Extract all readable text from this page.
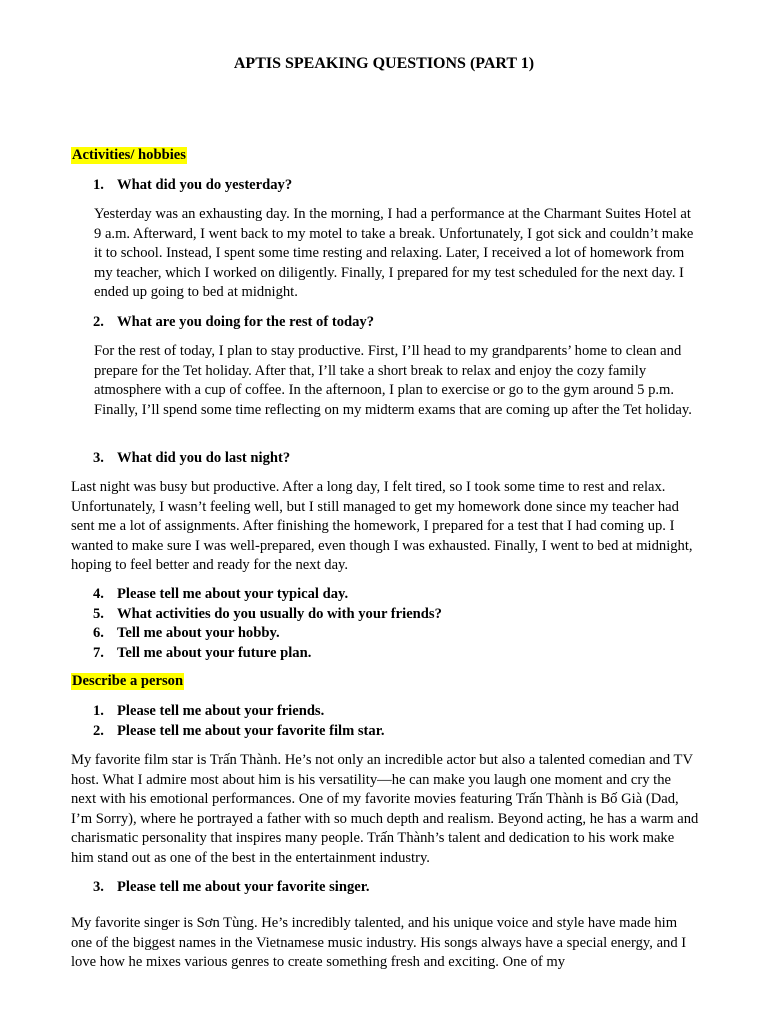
APTIS SPEAKING QUESTIONS (PART 1)
Activities/ hobbies
1. What did you do yesterday?

Yesterday was an exhausting day. In the morning, I had a performance at the Charmant Suites Hotel at 9 a.m. Afterward, I went back to my motel to take a break. Unfortunately, I got sick and couldn’t make it to school. Instead, I spent some time resting and relaxing. Later, I received a lot of homework from my teacher, which I worked on diligently. Finally, I prepared for my test scheduled for the next day. I ended up going to bed at midnight.

2. What are you doing for the rest of today?

For the rest of today, I plan to stay productive. First, I’ll head to my grandparents’ home to clean and prepare for the Tet holiday. After that, I’ll take a short break to relax and enjoy the cozy family atmosphere with a cup of coffee. In the afternoon, I plan to exercise or go to the gym around 5 p.m. Finally, I’ll spend some time reflecting on my midterm exams that are coming up after the Tet holiday.

3. What did you do last night?

Last night was busy but productive. After a long day, I felt tired, so I took some time to rest and relax. Unfortunately, I wasn’t feeling well, but I still managed to get my homework done since my teacher had sent me a lot of assignments. After finishing the homework, I prepared for a test that I had coming up. I wanted to make sure I was well-prepared, even though I was exhausted. Finally, I went to bed at midnight, hoping to feel better and ready for the next day.

4. Please tell me about your typical day.
5. What activities do you usually do with your friends?
6. Tell me about your hobby.
7. Tell me about your future plan.
Describe a person
1. Please tell me about your friends.
2. Please tell me about your favorite film star.

My favorite film star is Trấn Thành. He’s not only an incredible actor but also a talented comedian and TV host. What I admire most about him is his versatility—he can make you laugh one moment and cry the next with his emotional performances. One of my favorite movies featuring Trấn Thành is Bố Già (Dad, I’m Sorry), where he portrayed a father with so much depth and realism. Beyond acting, he has a warm and charismatic personality that inspires many people. Trấn Thành’s talent and dedication to his work make him stand out as one of the best in the entertainment industry.

3. Please tell me about your favorite singer.

My favorite singer is Sơn Tùng. He’s incredibly talented, and his unique voice and style have made him one of the biggest names in the Vietnamese music industry. His songs always have a special energy, and I love how he mixes various genres to create something fresh and exciting. One of my
